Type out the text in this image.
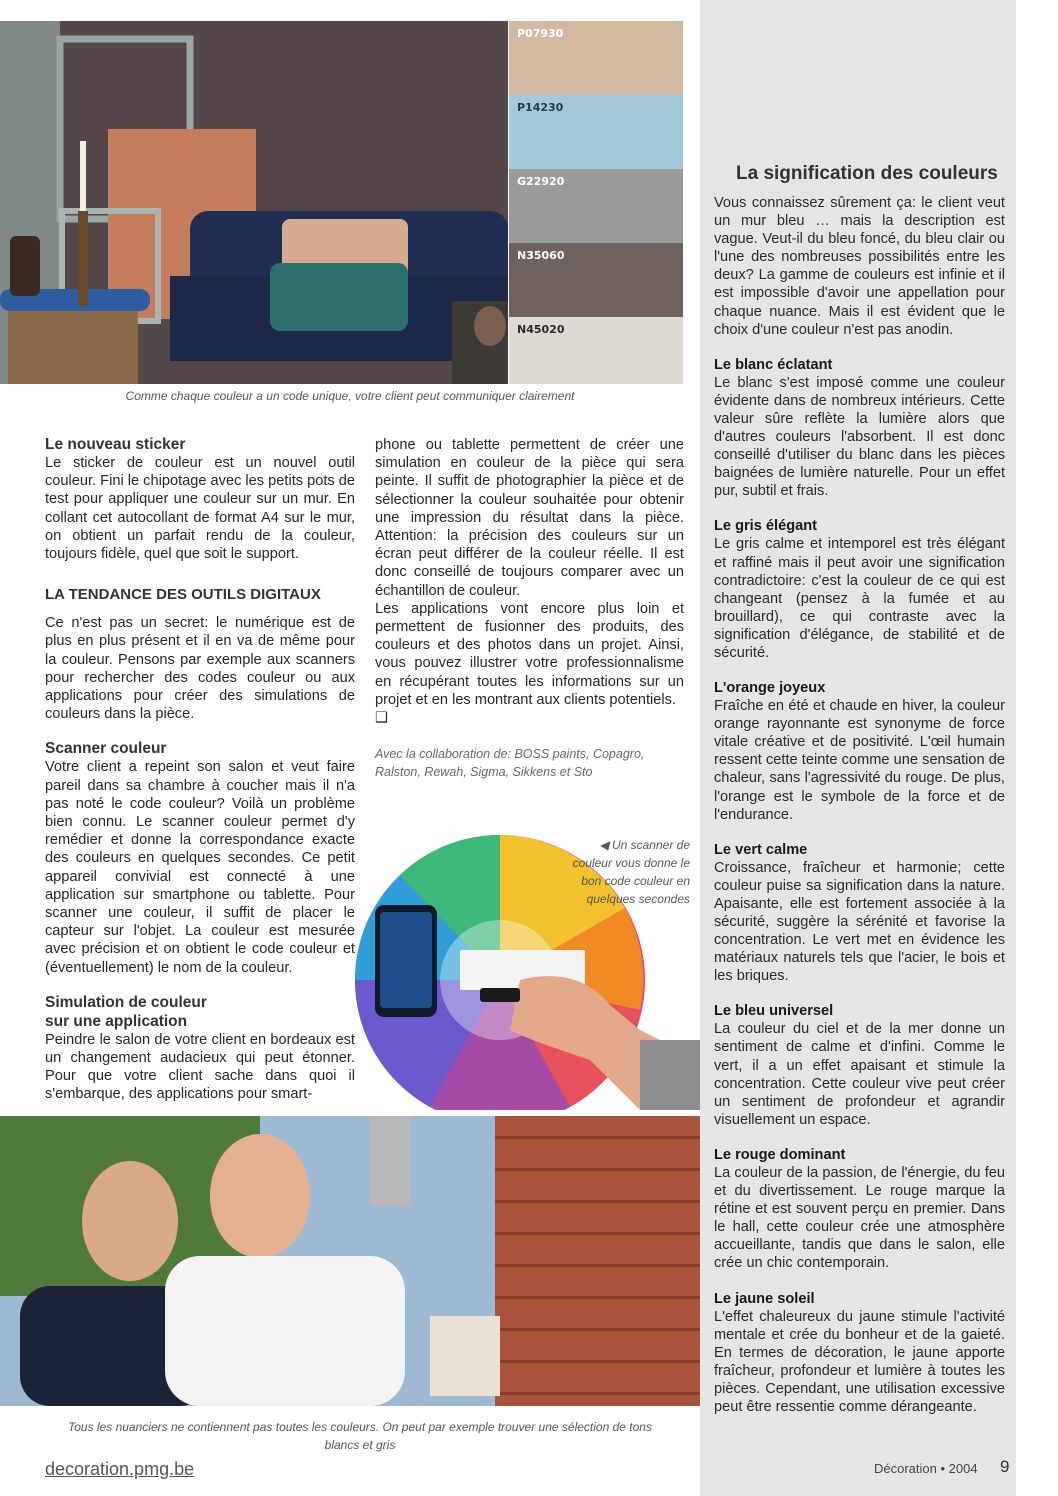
P07930
P14230
G22920
N35060
N45020
Comme chaque couleur a un code unique, votre client peut communiquer clairement
La signification des couleurs

Vous connaissez sûrement ça: le client veut un mur bleu … mais la description est vague. Veut-il du bleu foncé, du bleu clair ou l'une des nombreuses possibilités entre les deux? La gamme de couleurs est infinie et il est impossible d'avoir une appellation pour chaque nuance. Mais il est évident que le choix d'une couleur n'est pas anodin.

Le blanc éclatant

Le blanc s'est imposé comme une couleur évidente dans de nombreux intérieurs. Cette valeur sûre reflète la lumière alors que d'autres couleurs l'absorbent. Il est donc conseillé d'utiliser du blanc dans les pièces baignées de lumière naturelle. Pour un effet pur, subtil et frais.

Le gris élégant

Le gris calme et intemporel est très élégant et raffiné mais il peut avoir une signification contradictoire: c'est la couleur de ce qui est changeant (pensez à la fumée et au brouillard), ce qui contraste avec la signification d'élégance, de stabilité et de sécurité.

L'orange joyeux

Fraîche en été et chaude en hiver, la couleur orange rayonnante est synonyme de force vitale créative et de positivité. L'œil humain ressent cette teinte comme une sensation de chaleur, sans l'agressivité du rouge. De plus, l'orange est le symbole de la force et de l'endurance.

Le vert calme

Croissance, fraîcheur et harmonie; cette couleur puise sa signification dans la nature. Apaisante, elle est fortement associée à la sécurité, suggère la sérénité et favorise la concentration. Le vert met en évidence les matériaux naturels tels que l'acier, le bois et les briques.

Le bleu universel

La couleur du ciel et de la mer donne un sentiment de calme et d'infini. Comme le vert, il a un effet apaisant et stimule la concentration. Cette couleur vive peut créer un sentiment de profondeur et agrandir visuellement un espace.

Le rouge dominant

La couleur de la passion, de l'énergie, du feu et du divertissement. Le rouge marque la rétine et est souvent perçu en premier. Dans le hall, cette couleur crée une atmosphère accueillante, tandis que dans le salon, elle crée un chic contemporain.

Le jaune soleil

L'effet chaleureux du jaune stimule l'activité mentale et crée du bonheur et de la gaieté. En termes de décoration, le jaune apporte fraîcheur, profondeur et lumière à toutes les pièces. Cependant, une utilisation excessive peut être ressentie comme dérangeante.

Le nouveau sticker

Le sticker de couleur est un nouvel outil couleur. Fini le chipotage avec les petits pots de test pour appliquer une couleur sur un mur. En collant cet autocollant de format A4 sur le mur, on obtient un parfait rendu de la couleur, toujours fidèle, quel que soit le support.

LA TENDANCE DES OUTILS DIGITAUX

Ce n'est pas un secret: le numérique est de plus en plus présent et il en va de même pour la couleur. Pensons par exemple aux scanners pour rechercher des codes couleur ou aux applications pour créer des simulations de couleurs dans la pièce.

Scanner couleur

Votre client a repeint son salon et veut faire pareil dans sa chambre à coucher mais il n'a pas noté le code couleur? Voilà un problème bien connu. Le scanner couleur permet d'y remédier et donne la correspondance exacte des couleurs en quelques secondes. Ce petit appareil convivial est connecté à une application sur smartphone ou tablette. Pour scanner une couleur, il suffit de placer le capteur sur l'objet. La couleur est mesurée avec précision et on obtient le code couleur et (éventuellement) le nom de la couleur.

Simulation de couleur
sur une application

Peindre le salon de votre client en bordeaux est un changement audacieux qui peut étonner. Pour que votre client sache dans quoi il s'embarque, des applications pour smart-

phone ou tablette permettent de créer une simulation en couleur de la pièce qui sera peinte. Il suffit de photographier la pièce et de sélectionner la couleur souhaitée pour obtenir une impression du résultat dans la pièce. Attention: la précision des couleurs sur un écran peut différer de la couleur réelle. Il est donc conseillé de toujours comparer avec un échantillon de couleur.

Les applications vont encore plus loin et permettent de fusionner des produits, des couleurs et des photos dans un projet. Ainsi, vous pouvez illustrer votre professionnalisme en récupérant toutes les informations sur un projet et en les montrant aux clients potentiels.

❑

Avec la collaboration de: BOSS paints, Copagro, Ralston, Rewah, Sigma, Sikkens et Sto

◀ Un scanner de couleur vous donne le bon code couleur en quelques secondes
Tous les nuanciers ne contiennent pas toutes les couleurs. On peut par exemple trouver une sélection de tons blancs et gris
decoration.pmg.be	Décoration • 2004 9
